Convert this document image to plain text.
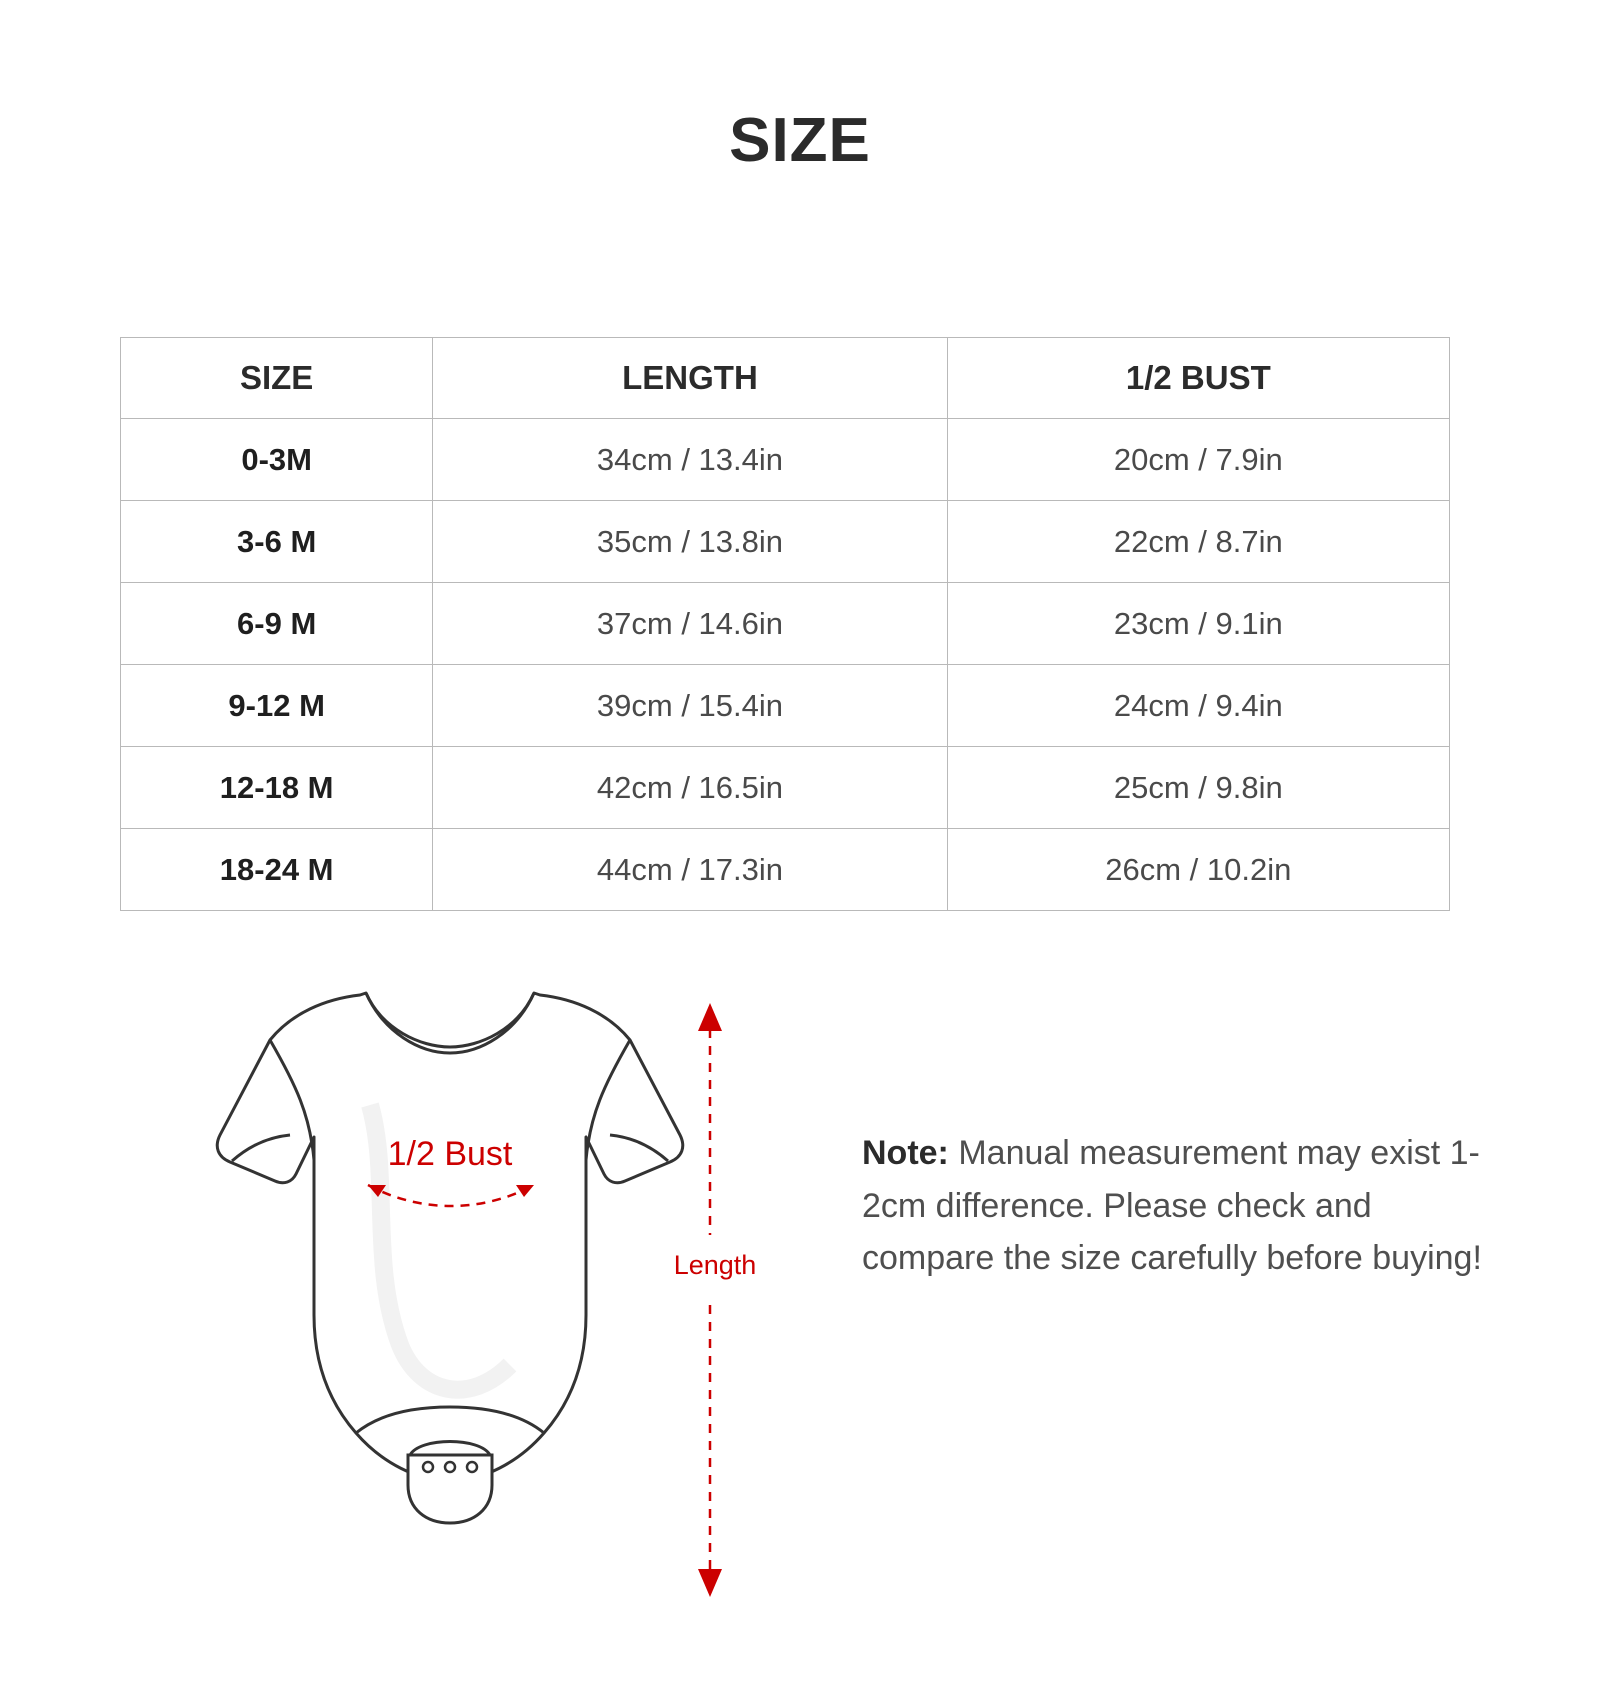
SIZE
SIZE	LENGTH	1/2 BUST
0-3M	34cm / 13.4in	20cm / 7.9in
3-6 M	35cm / 13.8in	22cm / 8.7in
6-9 M	37cm / 14.6in	23cm / 9.1in
9-12 M	39cm / 15.4in	24cm / 9.4in
12-18 M	42cm / 16.5in	25cm / 9.8in
18-24 M	44cm / 17.3in	26cm / 10.2in
1/2 Bust
Length
Note: Manual measurement may exist 1-2cm difference. Please check and compare the size carefully before buying!
